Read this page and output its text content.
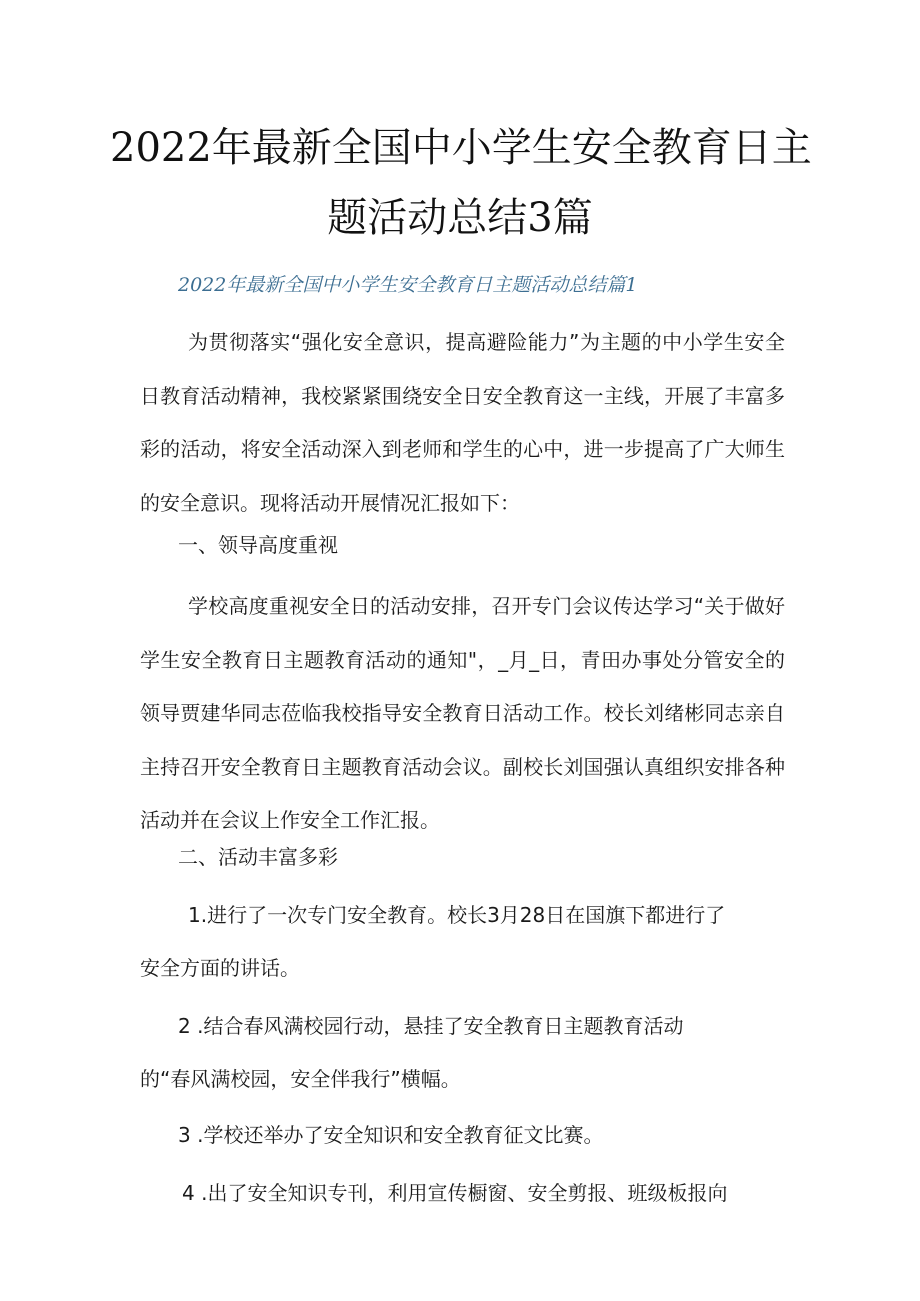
2022年最新全国中小学生安全教育日主
题活动总结3篇
2022年最新全国中小学生安全教育日主题活动总结篇1

为贯彻落实“强化安全意识，提高避险能力”为主题的中小学生安全日教育活动精神，我校紧紧围绕安全日安全教育这一主线，开展了丰富多彩的活动，将安全活动深入到老师和学生的心中，进一步提高了广大师生的安全意识。现将活动开展情况汇报如下：

一、领导高度重视

学校高度重视安全日的活动安排，召开专门会议传达学习“关于做好学生安全教育日主题教育活动的通知"，_月_日，青田办事处分管安全的领导贾建华同志莅临我校指导安全教育日活动工作。校长刘绪彬同志亲自主持召开安全教育日主题教育活动会议。副校长刘国强认真组织安排各种活动并在会议上作安全工作汇报。

二、活动丰富多彩
1.进行了一次专门安全教育。校长3月28日在国旗下都进行了
安全方面的讲话。
2 .结合春风满校园行动，悬挂了安全教育日主题教育活动
的“春风满校园，安全伴我行”横幅。
3 .学校还举办了安全知识和安全教育征文比赛。
4 .出了安全知识专刊，利用宣传橱窗、安全剪报、班级板报向
